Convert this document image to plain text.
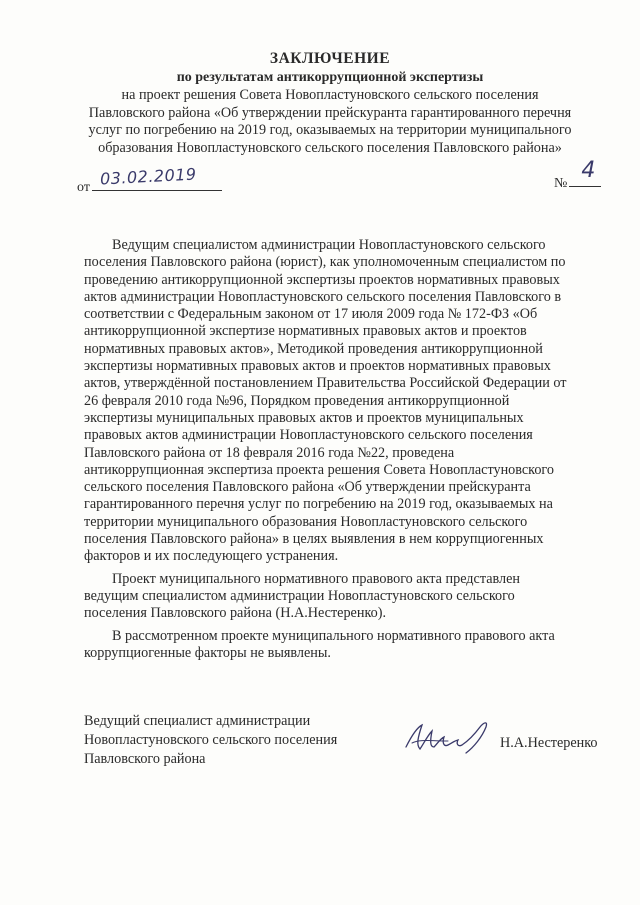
ЗАКЛЮЧЕНИЕ
по результатам антикоррупционной экспертизы
на проект решения Совета Новопластуновского сельского поселения
Павловского района «Об утверждении прейскуранта гарантированного перечня
услуг по погребению на 2019 год, оказываемых на территории муниципального
образования Новопластуновского сельского поселения Павловского района»
от 03.02.2019	№
4
Ведущим специалистом администрации Новопластуновского сельского
поселения Павловского района (юрист), как уполномоченным специалистом по
проведению антикоррупционной экспертизы проектов нормативных правовых
актов администрации Новопластуновского сельского поселения Павловского в
соответствии с Федеральным законом от 17 июля 2009 года № 172-ФЗ «Об
антикоррупционной экспертизе нормативных правовых актов и проектов
нормативных правовых актов», Методикой проведения антикоррупционной
экспертизы нормативных правовых актов и проектов нормативных правовых
актов, утверждённой постановлением Правительства Российской Федерации от
26 февраля 2010 года №96, Порядком проведения антикоррупционной
экспертизы муниципальных правовых актов и проектов муниципальных
правовых актов администрации Новопластуновского сельского поселения
Павловского района от 18 февраля 2016 года №22, проведена
антикоррупционная экспертиза проекта решения Совета Новопластуновского
сельского поселения Павловского района «Об утверждении прейскуранта
гарантированного перечня услуг по погребению на 2019 год, оказываемых на
территории муниципального образования Новопластуновского сельского
поселения Павловского района» в целях выявления в нем коррупциогенных
факторов и их последующего устранения.
Проект муниципального нормативного правового акта представлен
ведущим специалистом администрации Новопластуновского сельского
поселения Павловского района (Н.А.Нестеренко).
В рассмотренном проекте муниципального нормативного правового акта
коррупциогенные факторы не выявлены.
Ведущий специалист администрации
Новопластуновского сельского поселения
Павловского района
Н.А.Нестеренко
